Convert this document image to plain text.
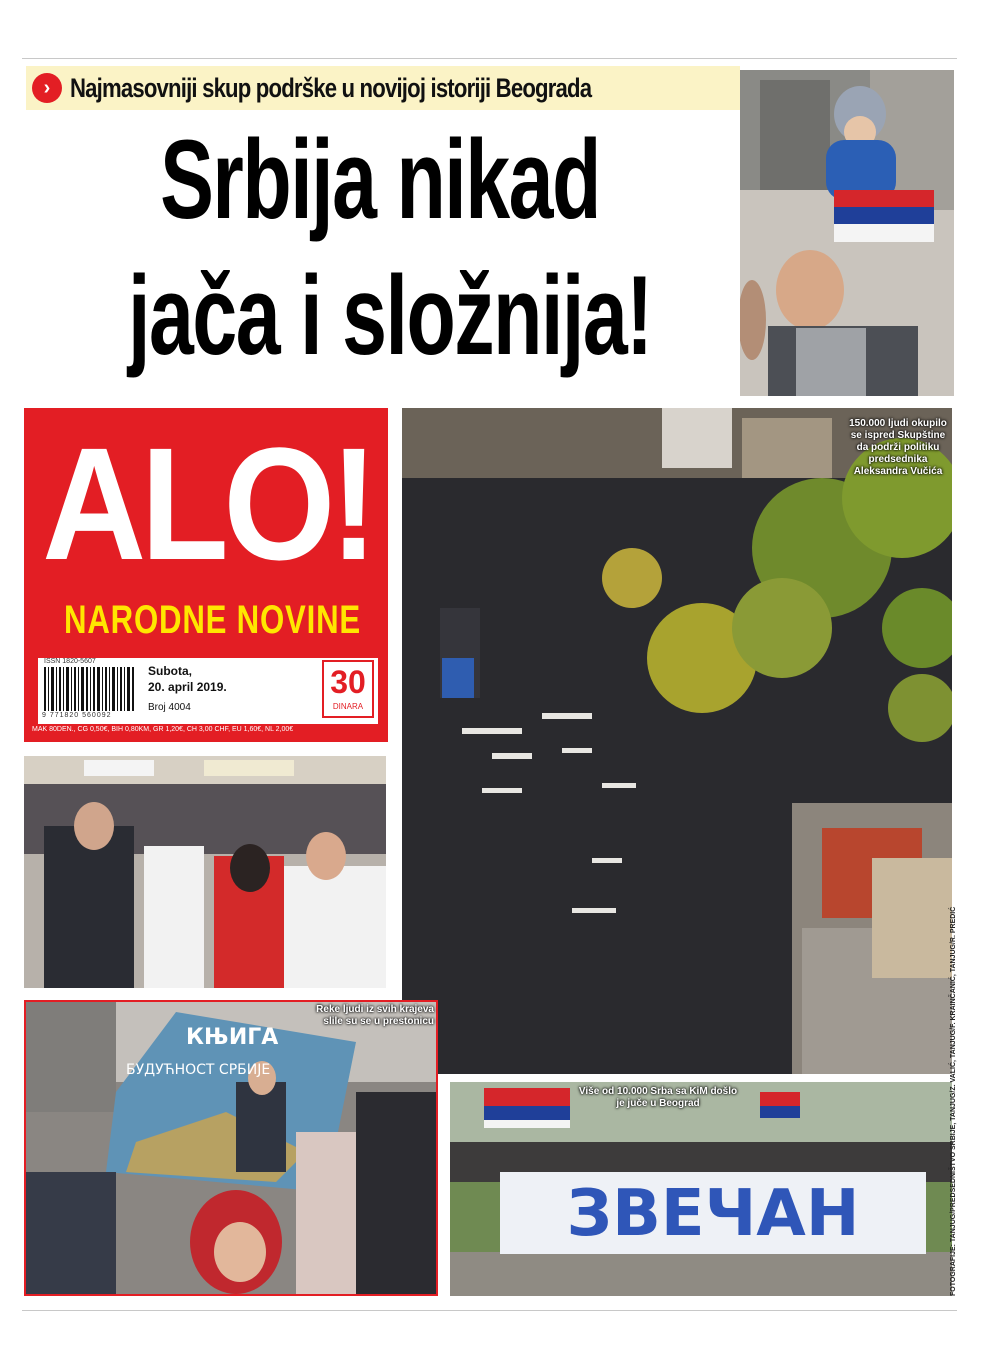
› Najmasovniji skup podrške u novijoj istoriji Beograda
Srbija nikad
jača i složnija!
ALO!
NARODNE NOVINE
ISSN 1820-5607
9 771820 560092
Subota,
20. april 2019.
Broj 4004
30
DINARA
MAK 80DEN., CG 0,50€, BIH 0,80KM, GR 1,20€, CH 3,00 CHF, EU 1,60€, NL 2,00€
150.000 ljudi okupilo se ispred Skupštine da podrži politiku predsednika Aleksandra Vučića
КЊИГА
БУДУЋНОСТ СРБИЈЕ
Reke ljudi iz svih krajeva slile su se u prestonicu
ЗВЕЧАН
Više od 10.000 Srba sa KiM došlo je juče u Beograd	FOTOGRAFIJE: TANJUG/PREDSEDNIŠTVO SRBIJE, TANJUG/Z. VALIĆ, TANJUG/F. KRAINČANIĆ, TANJUG/R. PREDIĆ
